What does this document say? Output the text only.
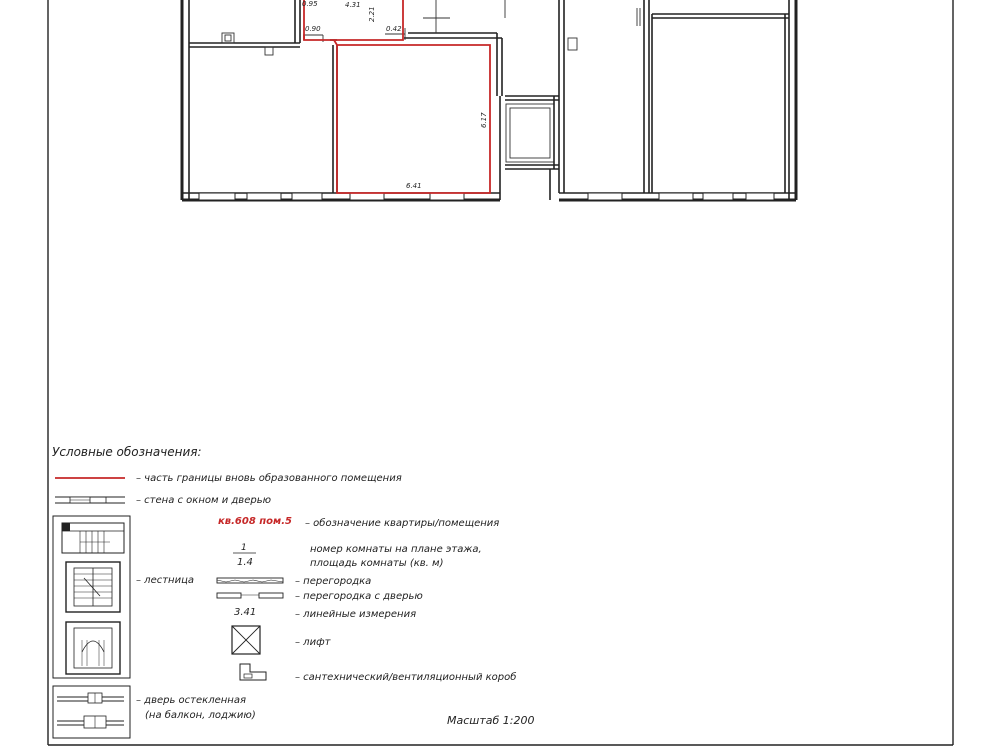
0.95	4.31
2.21
0.90	0.42
6.17
6.41
Условные обозначения:
– часть границы вновь образованного помещения
– стена с окном и дверью
кв.608 пом.5 – обозначение квартиры/помещения
1
1.4
номер комнаты на плане этажа,
площадь комнаты (кв. м)
– лестница	– перегородка
– перегородка с дверью
3.41	– линейные измерения
– лифт
– сантехнический/вентиляционный короб
– дверь остекленная
(на балкон, лоджию)	Масштаб 1:200
